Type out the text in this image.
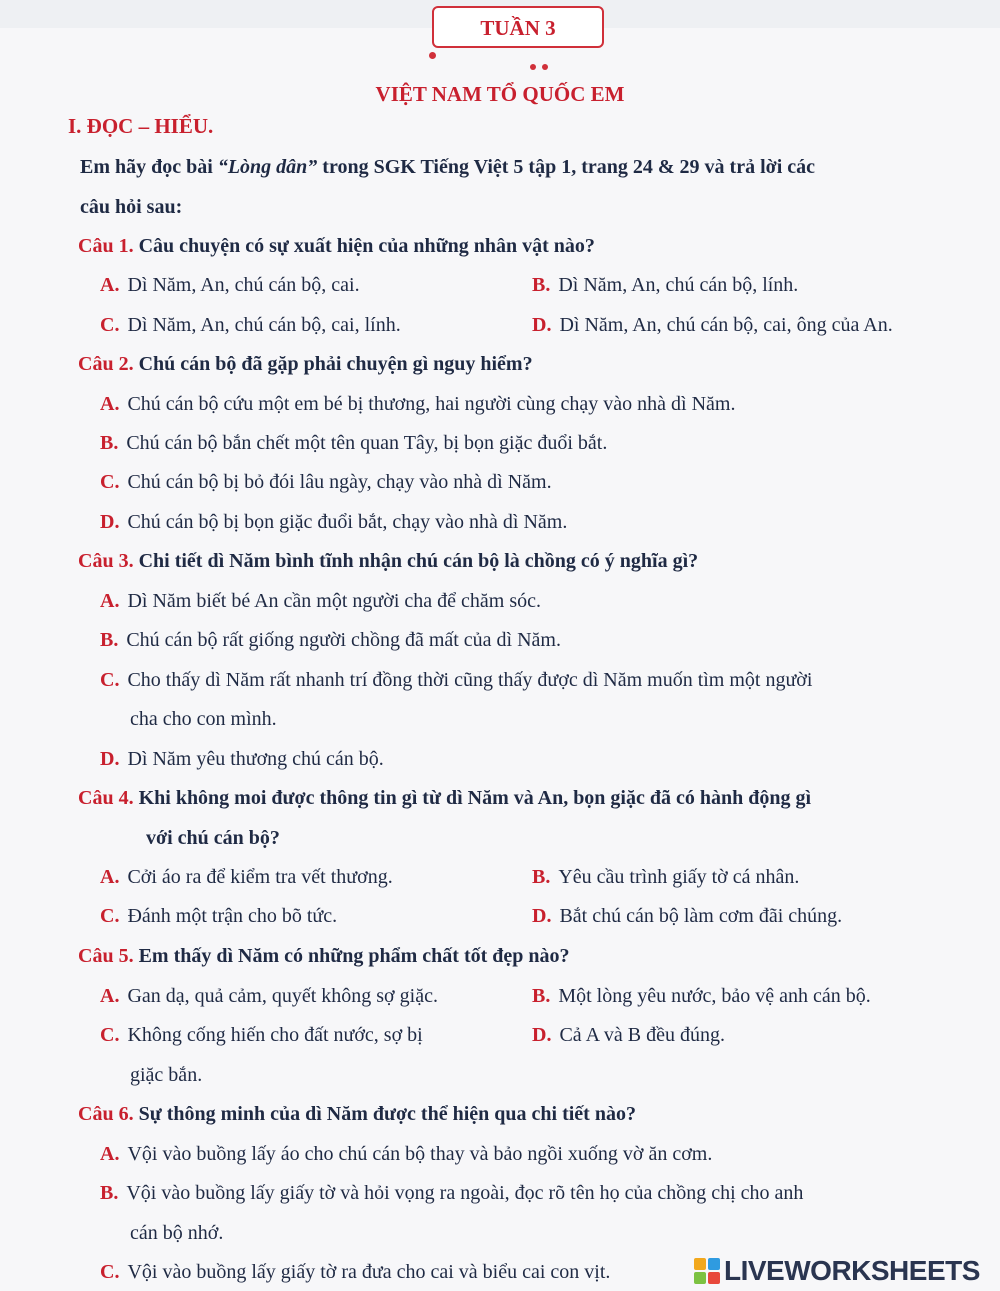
TUẦN 3
VIỆT NAM TỔ QUỐC EM
I. ĐỌC – HIỂU.
Em hãy đọc bài “Lòng dân” trong SGK Tiếng Việt 5 tập 1, trang 24 & 29 và trả lời các
câu hỏi sau:
Câu 1. Câu chuyện có sự xuất hiện của những nhân vật nào?
A. Dì Năm, An, chú cán bộ, cai.	B. Dì Năm, An, chú cán bộ, lính.
C. Dì Năm, An, chú cán bộ, cai, lính.	D. Dì Năm, An, chú cán bộ, cai, ông của An.
Câu 2. Chú cán bộ đã gặp phải chuyện gì nguy hiểm?
A. Chú cán bộ cứu một em bé bị thương, hai người cùng chạy vào nhà dì Năm.
B. Chú cán bộ bắn chết một tên quan Tây, bị bọn giặc đuổi bắt.
C. Chú cán bộ bị bỏ đói lâu ngày, chạy vào nhà dì Năm.
D. Chú cán bộ bị bọn giặc đuổi bắt, chạy vào nhà dì Năm.
Câu 3. Chi tiết dì Năm bình tĩnh nhận chú cán bộ là chồng có ý nghĩa gì?
A. Dì Năm biết bé An cần một người cha để chăm sóc.
B. Chú cán bộ rất giống người chồng đã mất của dì Năm.
C. Cho thấy dì Năm rất nhanh trí đồng thời cũng thấy được dì Năm muốn tìm một người
cha cho con mình.
D. Dì Năm yêu thương chú cán bộ.
Câu 4. Khi không moi được thông tin gì từ dì Năm và An, bọn giặc đã có hành động gì
với chú cán bộ?
A. Cởi áo ra để kiểm tra vết thương.	B. Yêu cầu trình giấy tờ cá nhân.
C. Đánh một trận cho bõ tức.	D. Bắt chú cán bộ làm cơm đãi chúng.
Câu 5. Em thấy dì Năm có những phẩm chất tốt đẹp nào?
A. Gan dạ, quả cảm, quyết không sợ giặc.	B. Một lòng yêu nước, bảo vệ anh cán bộ.
C. Không cống hiến cho đất nước, sợ bị	D. Cả A và B đều đúng.
giặc bắn.
Câu 6. Sự thông minh của dì Năm được thể hiện qua chi tiết nào?
A. Vội vào buồng lấy áo cho chú cán bộ thay và bảo ngồi xuống vờ ăn cơm.
B. Vội vào buồng lấy giấy tờ và hỏi vọng ra ngoài, đọc rõ tên họ của chồng chị cho anh
cán bộ nhớ.
C. Vội vào buồng lấy giấy tờ ra đưa cho cai và biểu cai con vịt.	LIVEWORKSHEETS
